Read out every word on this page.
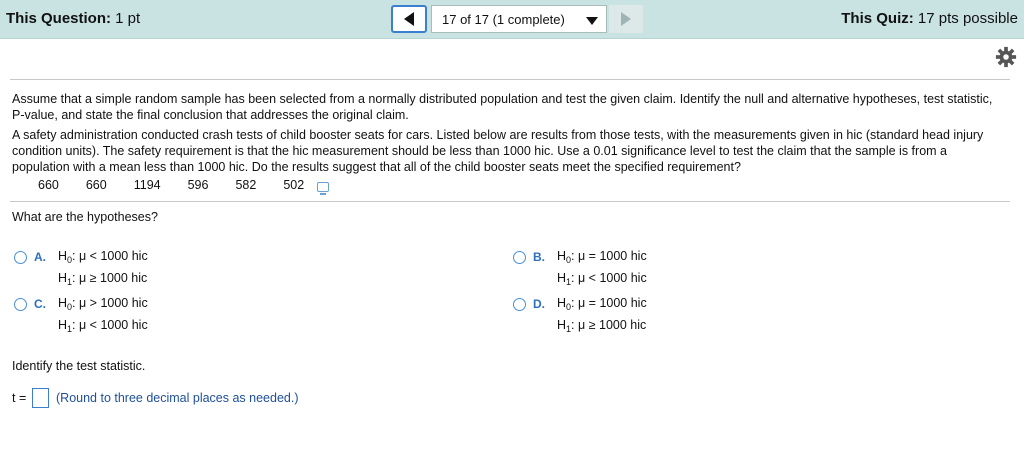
This Question: 1 pt	17 of 17 (1 complete)	This Quiz: 17 pts possible
Assume that a simple random sample has been selected from a normally distributed population and test the given claim. Identify the null and alternative hypotheses, test statistic, P-value, and state the final conclusion that addresses the original claim.
A safety administration conducted crash tests of child booster seats for cars. Listed below are results from those tests, with the measurements given in hic (standard head injury condition units). The safety requirement is that the hic measurement should be less than 1000 hic. Use a 0.01 significance level to test the claim that the sample is from a population with a mean less than 1000 hic. Do the results suggest that all of the child booster seats meet the specified requirement?
660 660 1194 596 582 502
What are the hypotheses?
A. $H_0$: μ < 1000 hic
$H_1$: μ ≥ 1000 hic
B. $H_0$: μ = 1000 hic
$H_1$: μ < 1000 hic
C. $H_0$: μ > 1000 hic
$H_1$: μ < 1000 hic
D. $H_0$: μ = 1000 hic
$H_1$: μ ≥ 1000 hic
Identify the test statistic.
t = (Round to three decimal places as needed.)
